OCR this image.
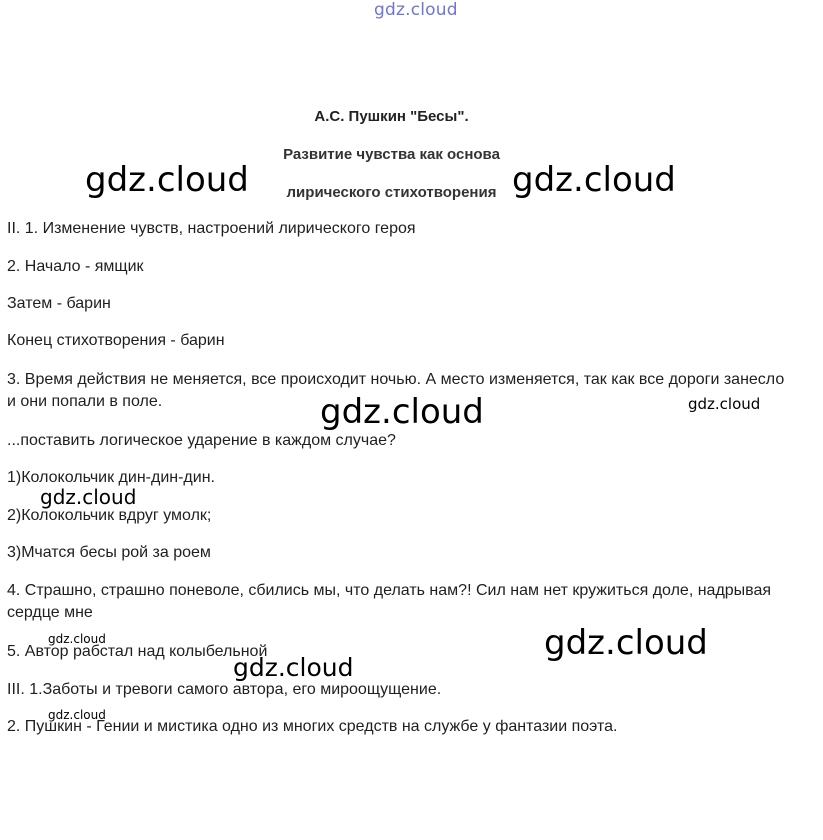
gdz.cloud
А.С. Пушкин "Бесы".
Развитие чувства как основа
лирического стихотворения
II. 1. Изменение чувств, настроений лирического героя
2. Начало - ямщик
Затем - барин
Конец стихотворения - барин
3. Время действия не меняется, все происходит ночью. А место изменяется, так как все дороги занесло и они попали в поле.
...поставить логическое ударение в каждом случае?
1)Колокольчик дин-дин-дин.
2)Колокольчик вдруг умолк;
3)Мчатся бесы рой за роем
4. Страшно, страшно поневоле, сбились мы, что делать нам?! Сил нам нет кружиться доле, надрывая сердце мне
5. Автор рабстал над колыбельной
III. 1.Заботы и тревоги самого автора, его мироощущение.
2. Пушкин - Гении и мистика одно из многих средств на службе у фантазии поэта.
gdz.cloud	gdz.cloud
gdz.cloud	gdz.cloud
gdz.cloud
gdz.cloud	gdz.cloud
gdz.cloud
gdz.cloud
